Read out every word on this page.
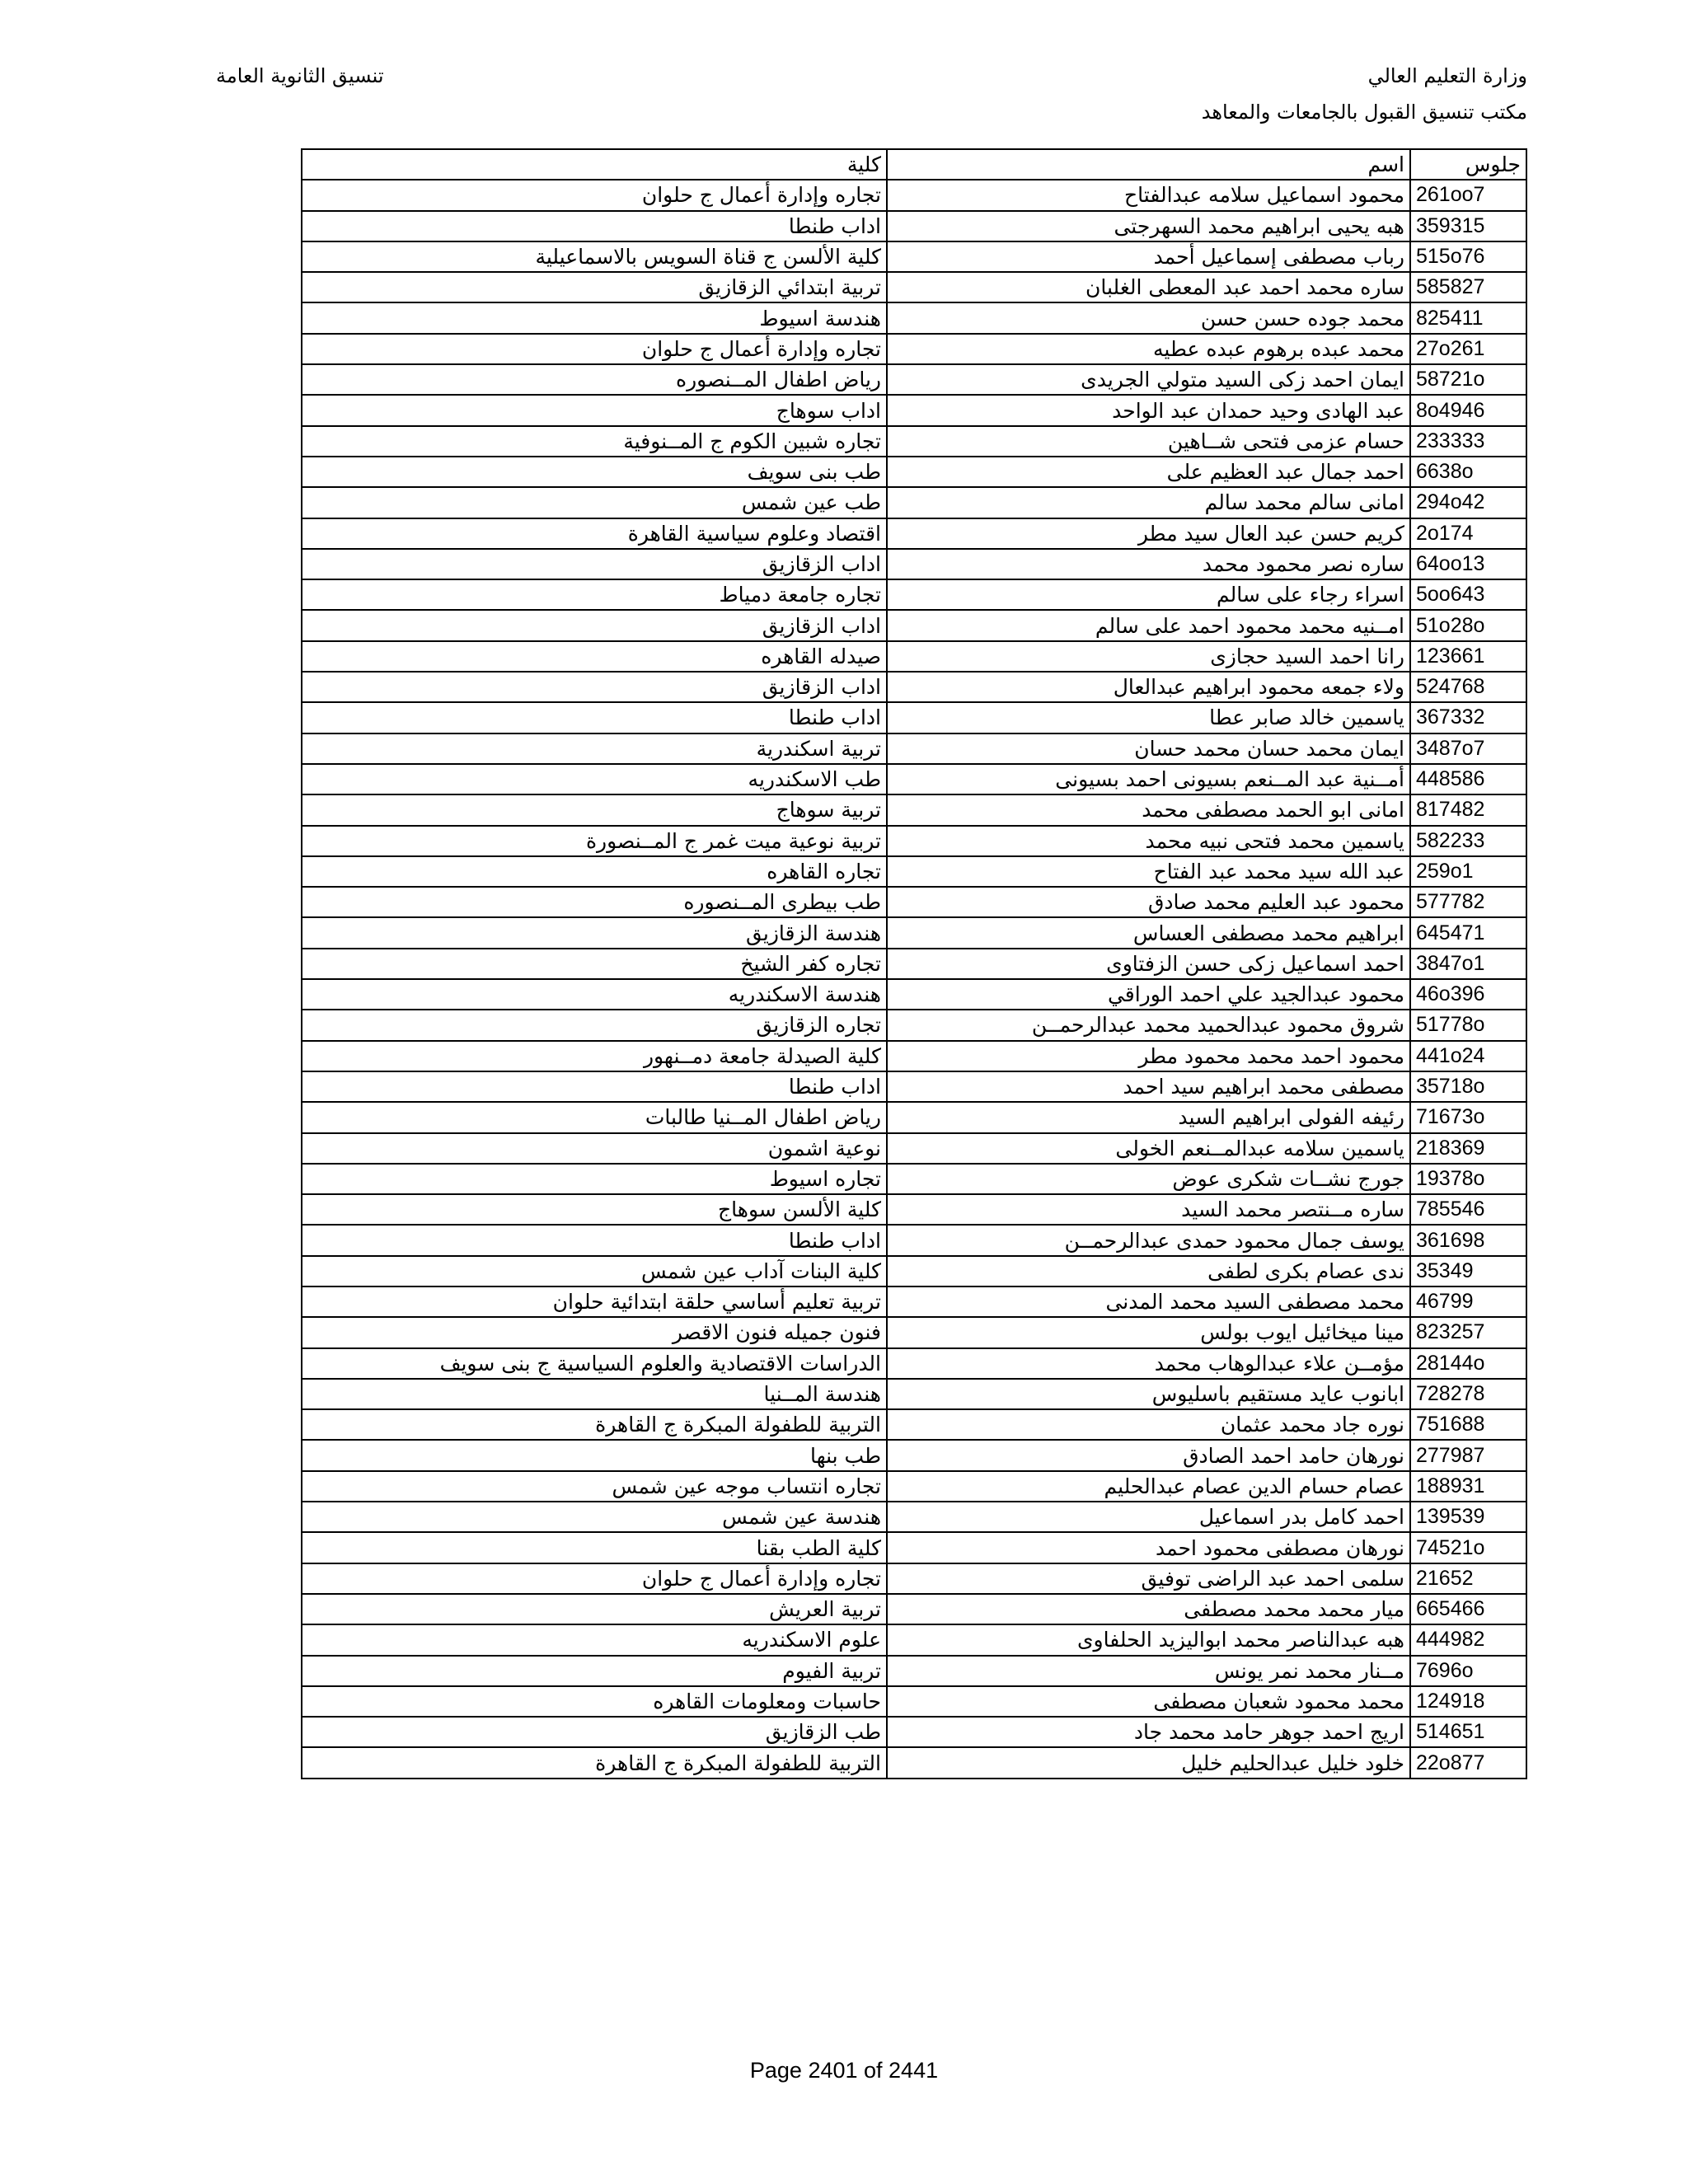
وزارة التعليم العالي
مكتب تنسيق القبول بالجامعات والمعاهد
تنسيق الثانوية العامة
كلية	اسم	جلوس
تجاره وإدارة أعمال ج حلوان	محمود اسماعيل سلامه عبدالفتاح	261oo7
اداب طنطا	هبه يحيى ابراهيم محمد السهرجتى	359315
كلية الألسن ج قناة السويس بالاسماعيلية	رباب مصطفى إسماعيل أحمد	515o76
تربية ابتدائي الزقازيق	ساره محمد احمد عبد المعطى الغلبان	585827
هندسة اسيوط	محمد جوده حسن حسن	825411
تجاره وإدارة أعمال ج حلوان	محمد عبده برهوم عبده عطيه	27o261
رياض اطفال المــنصوره	ايمان احمد زكى السيد متولي الجريدى	58721o
اداب سوهاج	عبد الهادى وحيد حمدان عبد الواحد	8o4946
تجاره شبين الكوم ج المــنوفية	حسام عزمى فتحى شــاهين	233333
طب بنى سويف	احمد جمال عبد العظيم على	6638o
طب عين شمس	امانى سالم محمد سالم	294o42
اقتصاد وعلوم سياسية القاهرة	كريم حسن عبد العال سيد مطر	2o174
اداب الزقازيق	ساره نصر محمود محمد	64oo13
تجاره جامعة دمياط	اسراء رجاء على سالم	5oo643
اداب الزقازيق	امــنيه محمد محمود احمد على سالم	51o28o
صيدله القاهره	رانا احمد السيد حجازى	123661
اداب الزقازيق	ولاء جمعه محمود ابراهيم عبدالعال	524768
اداب طنطا	ياسمين خالد صابر عطا	367332
تربية اسكندرية	ايمان محمد حسان محمد حسان	3487o7
طب الاسكندريه	أمــنية عبد المــنعم بسيونى احمد بسيونى	448586
تربية سوهاج	امانى ابو الحمد مصطفى محمد	817482
تربية نوعية ميت غمر ج المــنصورة	ياسمين محمد فتحى نبيه محمد	582233
تجاره القاهره	عبد الله سيد محمد عبد الفتاح	259o1
طب بيطرى المــنصوره	محمود عبد العليم محمد صادق	577782
هندسة الزقازيق	ابراهيم محمد مصطفى العساس	645471
تجاره كفر الشيخ	احمد اسماعيل زكى حسن الزفتاوى	3847o1
هندسة الاسكندريه	محمود عبدالجيد علي احمد الوراقي	46o396
تجاره الزقازيق	شروق محمود عبدالحميد محمد عبدالرحمــن	51778o
كلية الصيدلة جامعة دمــنهور	محمود احمد محمد محمود مطر	441o24
اداب طنطا	مصطفى محمد ابراهيم سيد احمد	35718o
رياض اطفال المــنيا طالبات	رئيفه الفولى ابراهيم السيد	71673o
نوعية اشمون	ياسمين سلامه عبدالمــنعم الخولى	218369
تجاره اسيوط	جورج نشــات شكرى عوض	19378o
كلية الألسن سوهاج	ساره مــنتصر محمد السيد	785546
اداب طنطا	يوسف جمال محمود حمدى عبدالرحمــن	361698
كلية البنات آداب عين شمس	ندى عصام بكرى لطفى	35349
تربية تعليم أساسي حلقة ابتدائية حلوان	محمد مصطفى السيد محمد المدنى	46799
فنون جميله فنون الاقصر	مينا ميخائيل ايوب بولس	823257
الدراسات الاقتصادية والعلوم السياسية ج بنى سويف	مؤمــن علاء عبدالوهاب محمد	28144o
هندسة المــنيا	ابانوب عايد مستقيم باسليوس	728278
التربية للطفولة المبكرة ج القاهرة	نوره جاد محمد عثمان	751688
طب بنها	نورهان حامد احمد الصادق	277987
تجاره انتساب موجه عين شمس	عصام حسام الدين عصام عبدالحليم	188931
هندسة عين شمس	احمد كامل بدر اسماعيل	139539
كلية الطب بقنا	نورهان مصطفى محمود احمد	74521o
تجاره وإدارة أعمال ج حلوان	سلمى احمد عبد الراضى توفيق	21652
تربية العريش	ميار محمد محمد مصطفى	665466
علوم الاسكندريه	هبه عبدالناصر محمد ابواليزيد الحلفاوى	444982
تربية الفيوم	مــنار محمد نمر يونس	7696o
حاسبات ومعلومات القاهره	محمد محمود شعبان مصطفى	124918
طب الزقازيق	اريج احمد جوهر حامد محمد جاد	514651
التربية للطفولة المبكرة ج القاهرة	خلود خليل عبدالحليم خليل	22o877
Page 2401 of 2441
